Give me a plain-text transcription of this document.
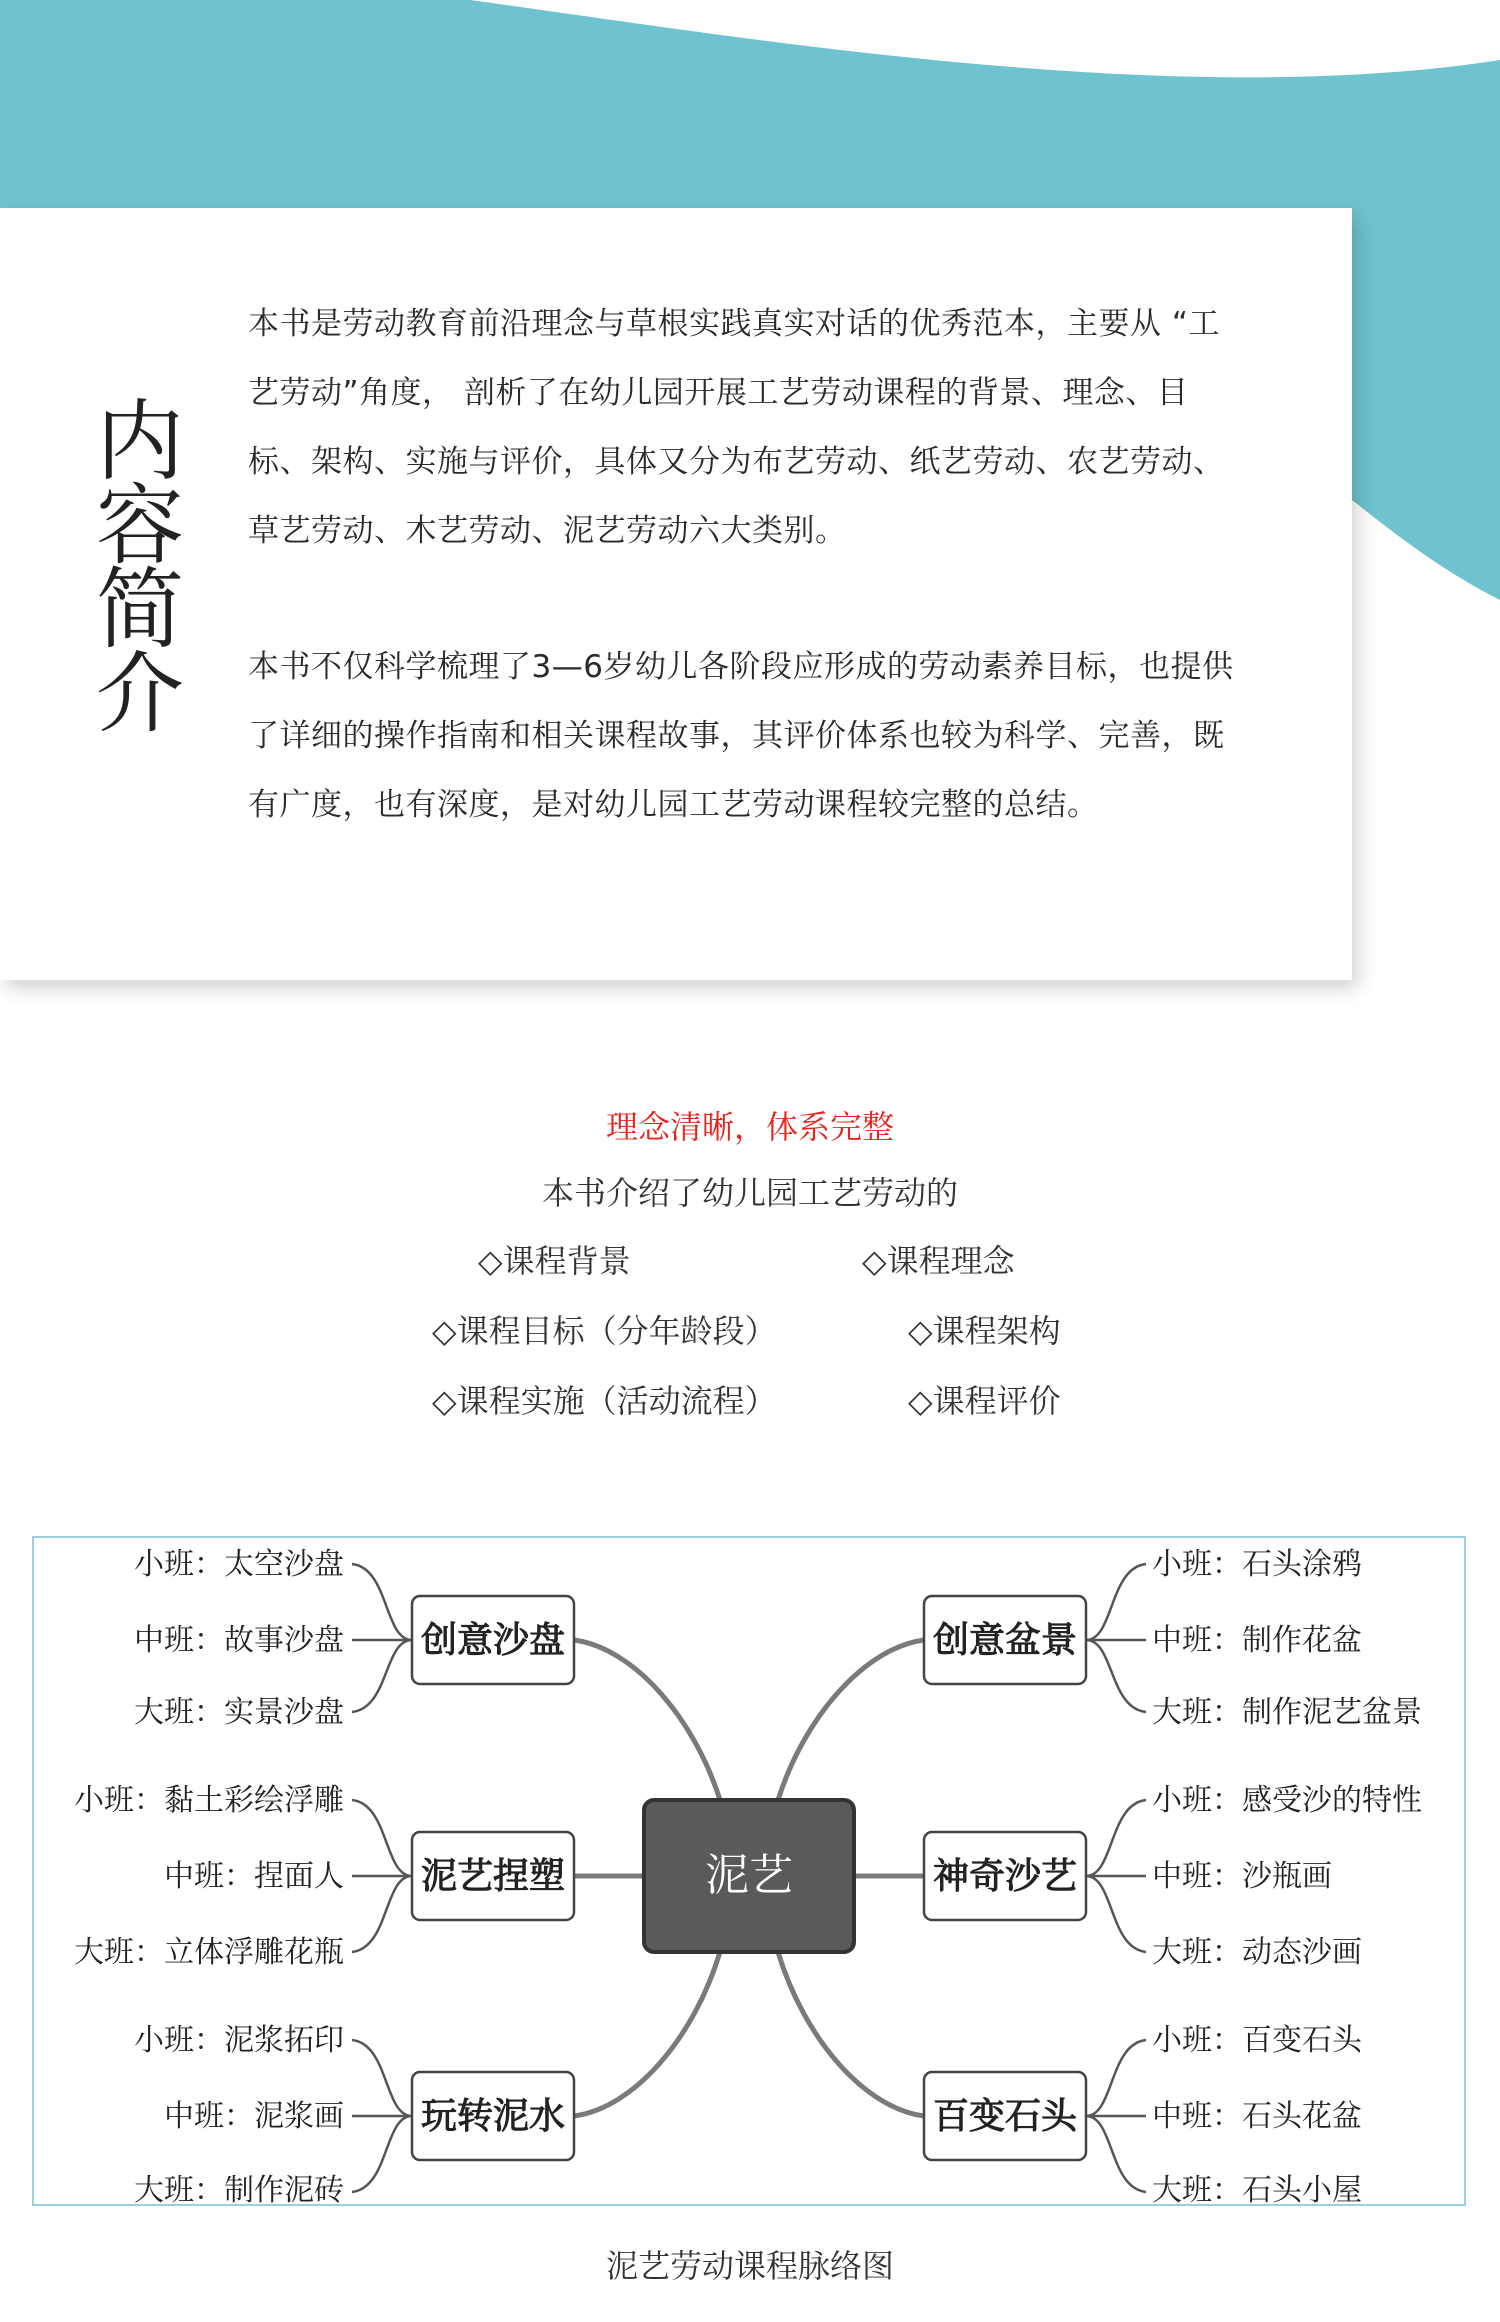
内
容
简
介

本书是劳动教育前沿理念与草根实践真实对话的优秀范本，主要从 “工艺劳动”角度， 剖析了在幼儿园开展工艺劳动课程的背景、理念、目标、架构、实施与评价，具体又分为布艺劳动、纸艺劳动、农艺劳动、草艺劳动、木艺劳动、泥艺劳动六大类别。

本书不仅科学梳理了3—6岁幼儿各阶段应形成的劳动素养目标，也提供了详细的操作指南和相关课程故事，其评价体系也较为科学、完善，既有广度，也有深度，是对幼儿园工艺劳动课程较完整的总结。

理念清晰，体系完整
本书介绍了幼儿园工艺劳动的
◇课程背景	◇课程理念
◇课程目标（分年龄段）	◇课程架构
◇课程实施（活动流程）	◇课程评价
泥艺
创意沙盘
泥艺捏塑
玩转泥水
创意盆景
神奇沙艺
百变石头
小班：太空沙盘
中班：故事沙盘
大班：实景沙盘
小班：黏土彩绘浮雕
中班：捏面人
大班：立体浮雕花瓶
小班：泥浆拓印
中班：泥浆画
大班：制作泥砖
小班：石头涂鸦
中班：制作花盆
大班：制作泥艺盆景
小班：感受沙的特性
中班：沙瓶画
大班：动态沙画
小班：百变石头
中班：石头花盆
大班：石头小屋
泥艺劳动课程脉络图
